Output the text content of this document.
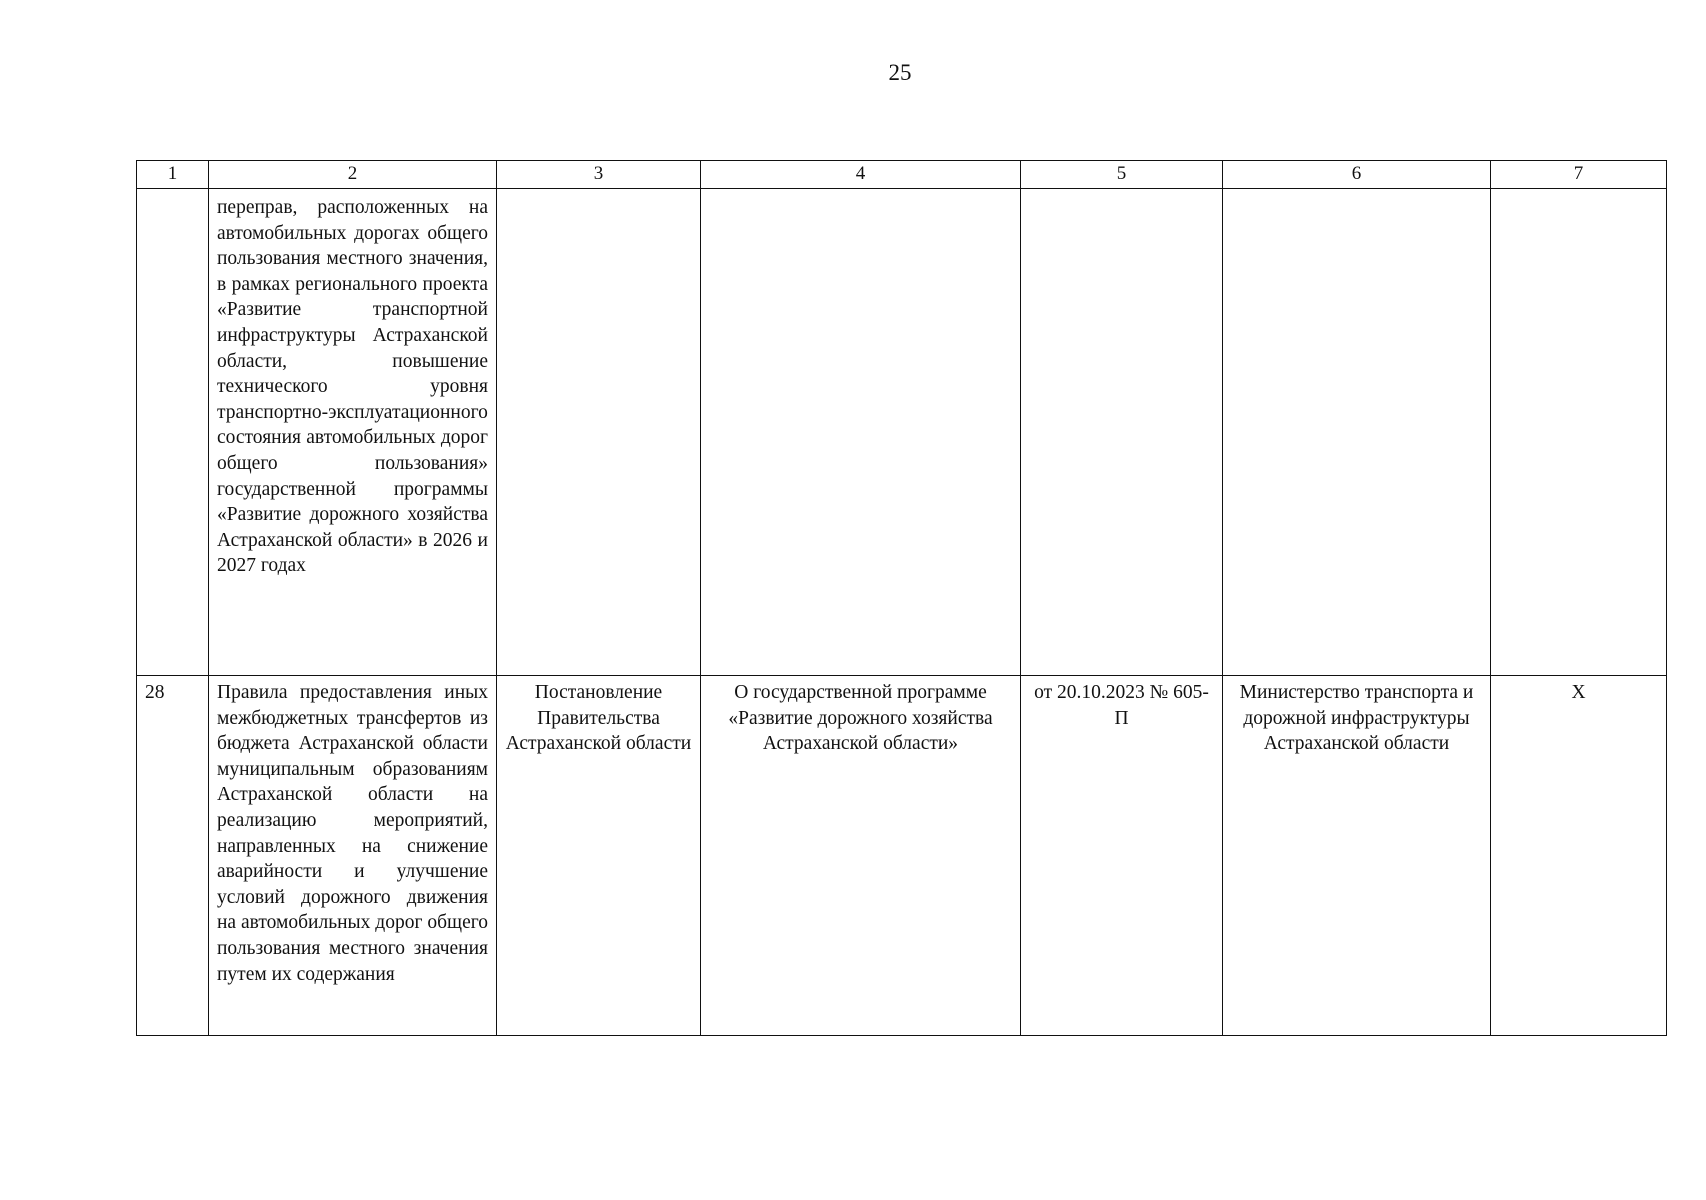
25
1	2	3	4	5	6	7
	переправ, расположенных на автомобильных дорогах общего пользования местного значения, в рамках регионального проекта «Развитие транспортной инфраструктуры Астраханской области, повышение технического уровня транспортно-эксплуатационного состояния автомобильных дорог общего пользования» государственной программы «Развитие дорожного хозяйства Астраханской области» в 2026 и 2027 годах					
28	Правила предоставления иных межбюджетных трансфертов из бюджета Астраханской области муниципальным образованиям Астраханской области на реализацию мероприятий, направленных на снижение аварийности и улучшение условий дорожного движения на автомобильных дорог общего пользования местного значения путем их содержания	Постановление Правительства Астраханской области	О государственной программе «Развитие дорожного хозяйства Астраханской области»	от 20.10.2023 № 605-П	Министерство транспорта и дорожной инфраструктуры Астраханской области	Х
